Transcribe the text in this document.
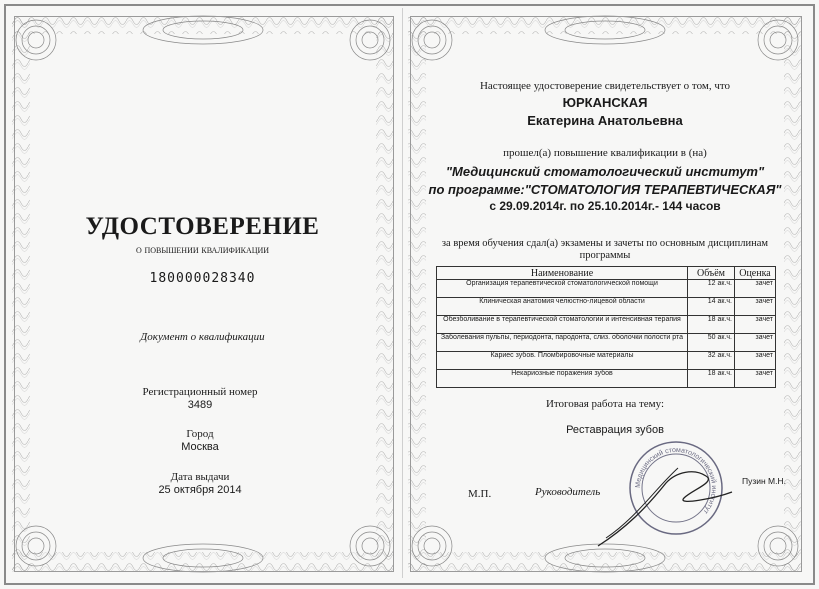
УДОСТОВЕРЕНИЕ
о повышении квалификации
180000028340
Документ о квалификации
Регистрационный номер
3489
Город
Москва
Дата выдачи
25 октября 2014
Настоящее удостоверение свидетельствует о том, что
ЮРКАНСКАЯ
Екатерина Анатольевна
прошел(а) повышение квалификации в (на)
"Медицинский стоматологический институт"
по программе:"СТОМАТОЛОГИЯ ТЕРАПЕВТИЧЕСКАЯ"
с 29.09.2014г. по 25.10.2014г.- 144 часов
за время обучения сдал(а) экзамены и зачеты по основным дисциплинам программы
Наименование	Объём	Оценка
Организация терапевтической стоматологической помощи	12 ак.ч.	зачет
Клиническая анатомия челюстно-лицевой области	14 ак.ч.	зачет
Обезболивание в терапевтической стоматологии и интенсивная терапия	18 ак.ч.	зачет
Заболевания пульпы, периодонта, пародонта, слиз. оболочки полости рта	50 ак.ч.	зачет
Кариес зубов. Пломбировочные материалы	32 ак.ч.	зачет
Некариозные поражения зубов	18 ак.ч.	зачет
Итоговая работа на тему:
Реставрация зубов
М.П.	Руководитель
Пузин М.Н.
Медицинский стоматологический институт
